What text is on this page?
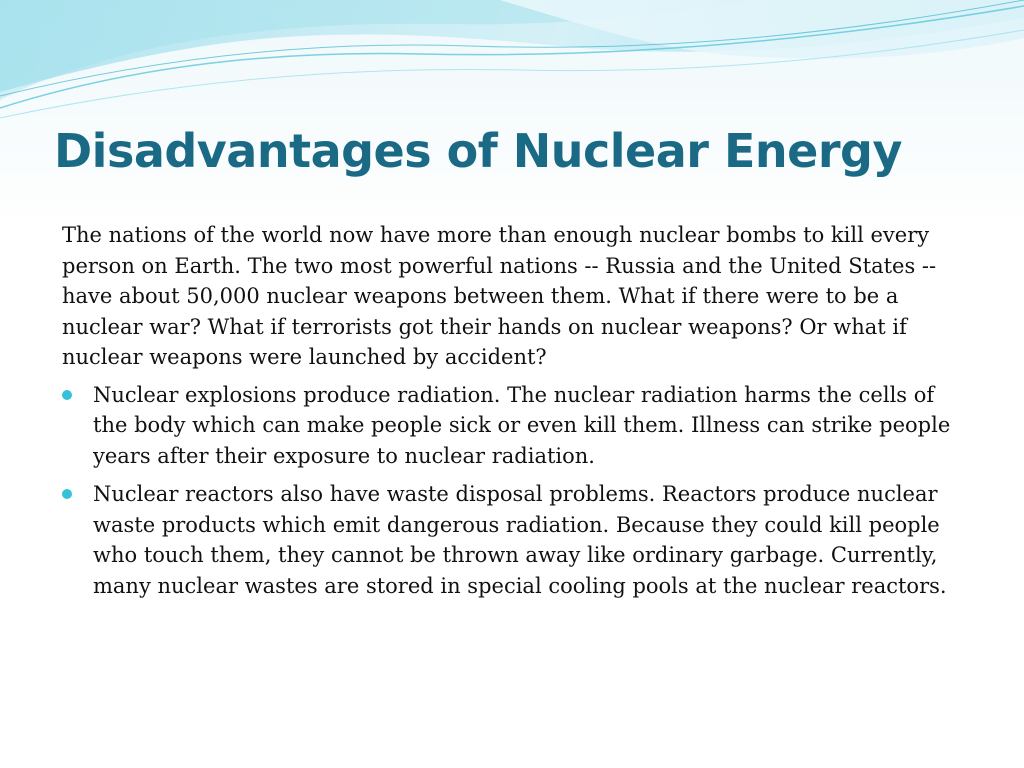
Disadvantages of Nuclear Energy

The nations of the world now have more than enough nuclear bombs to kill every person on Earth. The two most powerful nations -- Russia and the United States -- have about 50,000 nuclear weapons between them. What if there were to be a nuclear war? What if terrorists got their hands on nuclear weapons? Or what if nuclear weapons were launched by accident?

Nuclear explosions produce radiation. The nuclear radiation harms the cells of the body which can make people sick or even kill them. Illness can strike people years after their exposure to nuclear radiation.
Nuclear reactors also have waste disposal problems. Reactors produce nuclear waste products which emit dangerous radiation. Because they could kill people who touch them, they cannot be thrown away like ordinary garbage. Currently, many nuclear wastes are stored in special cooling pools at the nuclear reactors.
